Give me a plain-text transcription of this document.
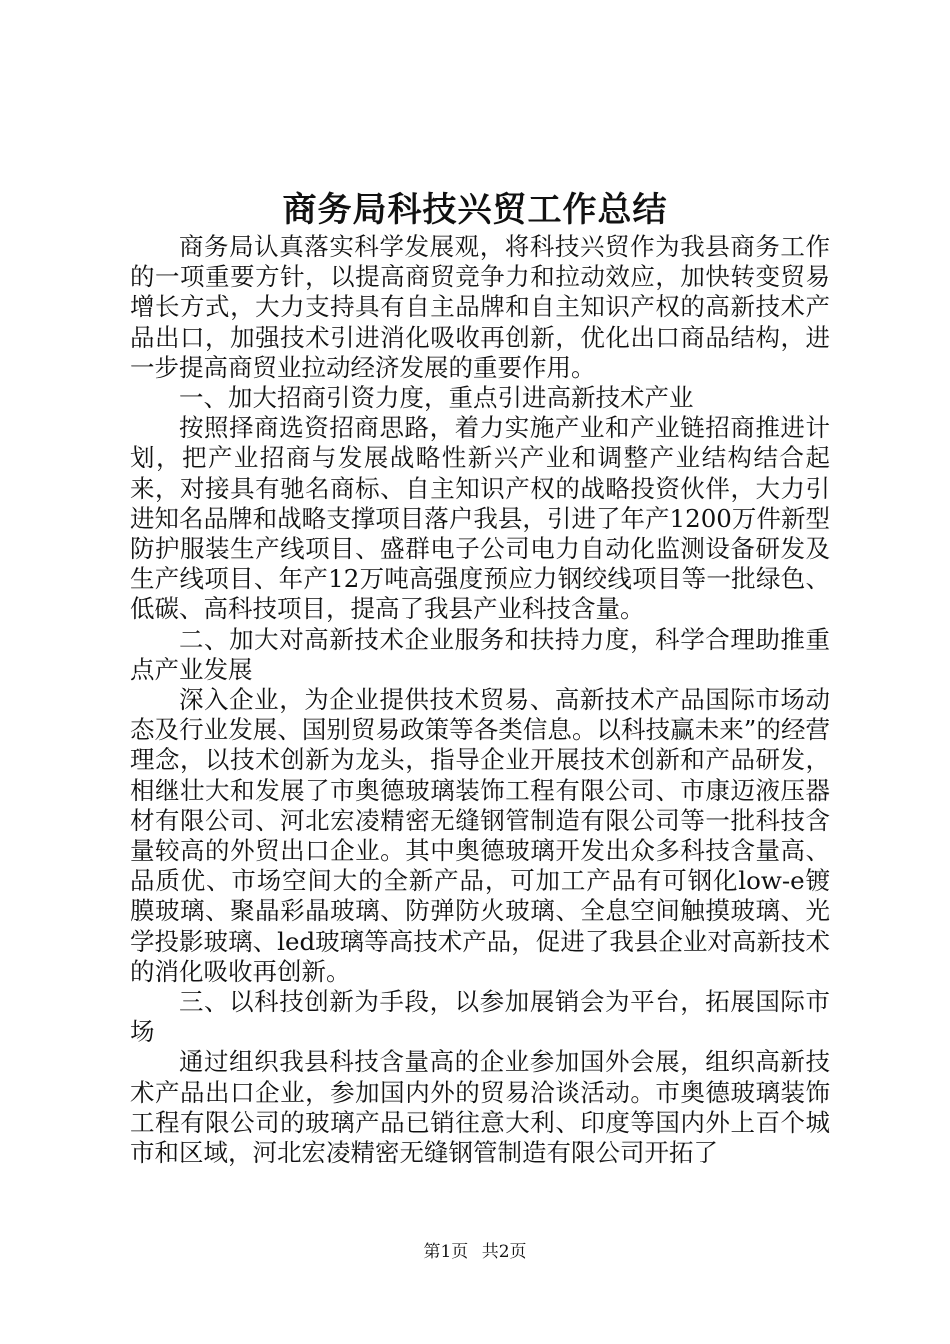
商务局科技兴贸工作总结

商务局认真落实科学发展观，将科技兴贸作为我县商务工作的一项重要方针，以提高商贸竞争力和拉动效应，加快转变贸易增长方式，大力支持具有自主品牌和自主知识产权的高新技术产品出口，加强技术引进消化吸收再创新，优化出口商品结构，进一步提高商贸业拉动经济发展的重要作用。

一、加大招商引资力度，重点引进高新技术产业

按照择商选资招商思路，着力实施产业和产业链招商推进计划，把产业招商与发展战略性新兴产业和调整产业结构结合起来，对接具有驰名商标、自主知识产权的战略投资伙伴，大力引进知名品牌和战略支撑项目落户我县，引进了年产1200万件新型防护服装生产线项目、盛群电子公司电力自动化监测设备研发及生产线项目、年产12万吨高强度预应力钢绞线项目等一批绿色、低碳、高科技项目，提高了我县产业科技含量。

二、加大对高新技术企业服务和扶持力度，科学合理助推重点产业发展

深入企业，为企业提供技术贸易、高新技术产品国际市场动态及行业发展、国别贸易政策等各类信息。以科技赢未来”的经营理念，以技术创新为龙头，指导企业开展技术创新和产品研发，相继壮大和发展了市奥德玻璃装饰工程有限公司、市康迈液压器材有限公司、河北宏凌精密无缝钢管制造有限公司等一批科技含量较高的外贸出口企业。其中奥德玻璃开发出众多科技含量高、品质优、市场空间大的全新产品，可加工产品有可钢化low-e镀膜玻璃、聚晶彩晶玻璃、防弹防火玻璃、全息空间触摸玻璃、光学投影玻璃、led玻璃等高技术产品，促进了我县企业对高新技术的消化吸收再创新。

三、以科技创新为手段，以参加展销会为平台，拓展国际市场

通过组织我县科技含量高的企业参加国外会展，组织高新技术产品出口企业，参加国内外的贸易洽谈活动。市奥德玻璃装饰工程有限公司的玻璃产品已销往意大利、印度等国内外上百个城市和区域，河北宏凌精密无缝钢管制造有限公司开拓了

第1页 共2页
